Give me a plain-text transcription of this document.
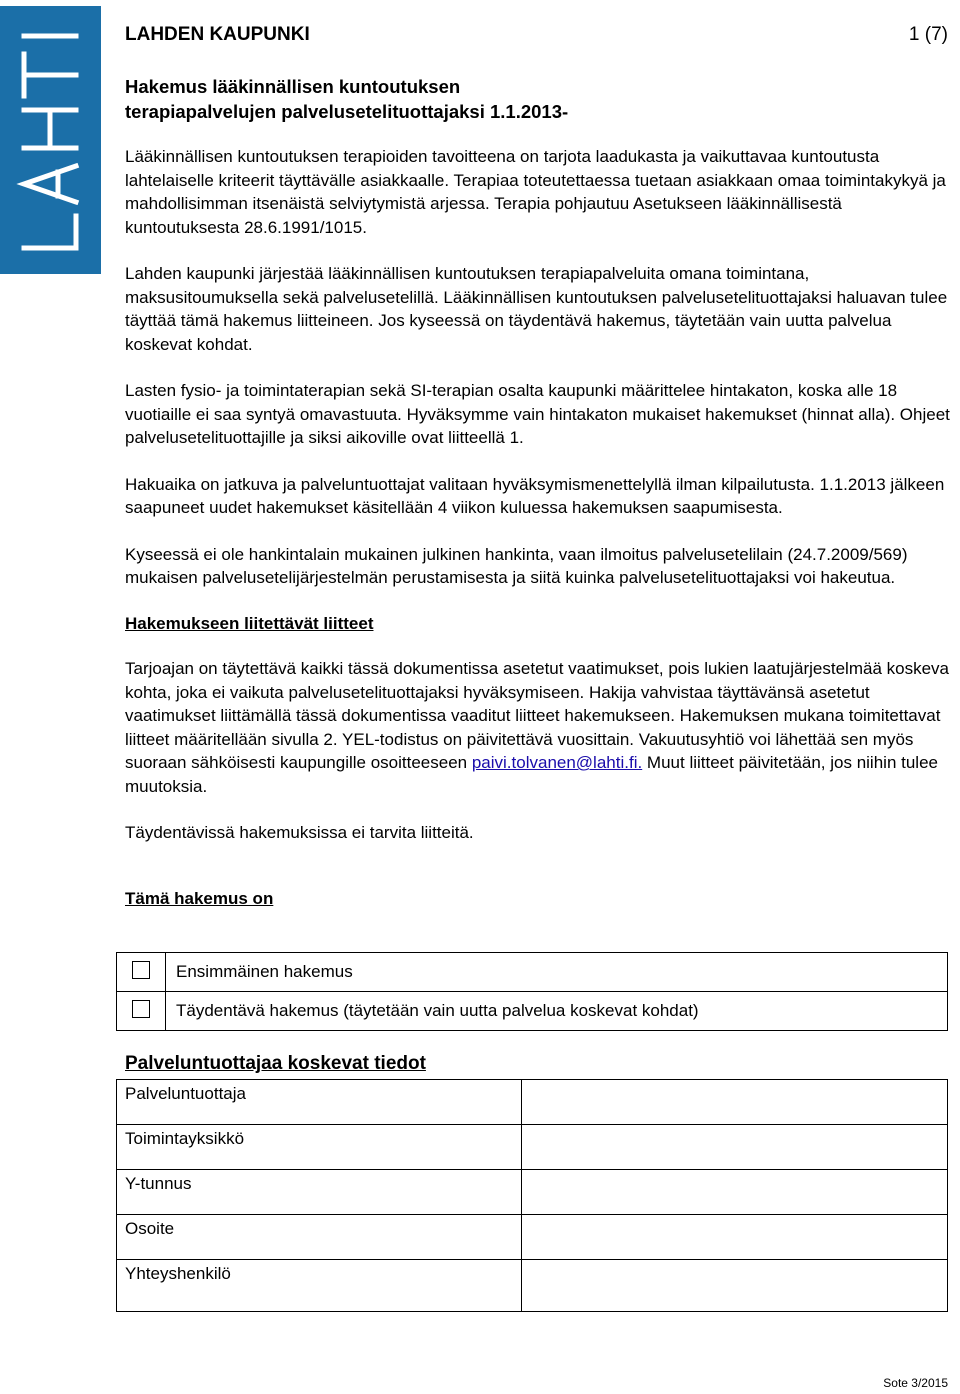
LAHDEN KAUPUNKI	1 (7)
Hakemus lääkinnällisen kuntoutuksen
terapiapalvelujen palvelusetelituottajaksi 1.1.2013-

Lääkinnällisen kuntoutuksen terapioiden tavoitteena on tarjota laadukasta ja vaikuttavaa kuntoutusta lahtelaiselle kriteerit täyttävälle asiakkaalle. Terapiaa toteutettaessa tuetaan asiakkaan omaa toimintakykyä ja mahdollisimman itsenäistä selviytymistä arjessa. Terapia pohjautuu Asetukseen lääkinnällisestä kuntoutuksesta 28.6.1991/1015.

Lahden kaupunki järjestää lääkinnällisen kuntoutuksen terapiapalveluita omana toimintana, maksusitoumuksella sekä palvelusetelillä. Lääkinnällisen kuntoutuksen palvelusetelituottajaksi haluavan tulee täyttää tämä hakemus liitteineen. Jos kyseessä on täydentävä hakemus, täytetään vain uutta palvelua koskevat kohdat.

Lasten fysio- ja toimintaterapian sekä SI-terapian osalta kaupunki määrittelee hintakaton, koska alle 18 vuotiaille ei saa syntyä omavastuuta. Hyväksymme vain hintakaton mukaiset hakemukset (hinnat alla). Ohjeet palvelusetelituottajille ja siksi aikoville ovat liitteellä 1.

Hakuaika on jatkuva ja palveluntuottajat valitaan hyväksymismenettelyllä ilman kilpailutusta. 1.1.2013 jälkeen saapuneet uudet hakemukset käsitellään 4 viikon kuluessa hakemuksen saapumisesta.

Kyseessä ei ole hankintalain mukainen julkinen hankinta, vaan ilmoitus palvelusetelilain (24.7.2009/569) mukaisen palvelusetelijärjestelmän perustamisesta ja siitä kuinka palvelusetelituottajaksi voi hakeutua.

Hakemukseen liitettävät liitteet

Tarjoajan on täytettävä kaikki tässä dokumentissa asetetut vaatimukset, pois lukien laatujärjestelmää koskeva kohta, joka ei vaikuta palvelusetelituottajaksi hyväksymiseen. Hakija vahvistaa täyttävänsä asetetut vaatimukset liittämällä tässä dokumentissa vaaditut liitteet hakemukseen. Hakemuksen mukana toimitettavat liitteet määritellään sivulla 2. YEL-todistus on päivitettävä vuosittain. Vakuutusyhtiö voi lähettää sen myös suoraan sähköisesti kaupungille osoitteeseen paivi.tolvanen@lahti.fi. Muut liitteet päivitetään, jos niihin tulee muutoksia.

Täydentävissä hakemuksissa ei tarvita liitteitä.

Tämä hakemus on
	Ensimmäinen hakemus
	Täydentävä hakemus (täytetään vain uutta palvelua koskevat kohdat)
Palveluntuottajaa koskevat tiedot
Palveluntuottaja	
Toimintayksikkö	
Y-tunnus	
Osoite	
Yhteyshenkilö	
Sote 3/2015
